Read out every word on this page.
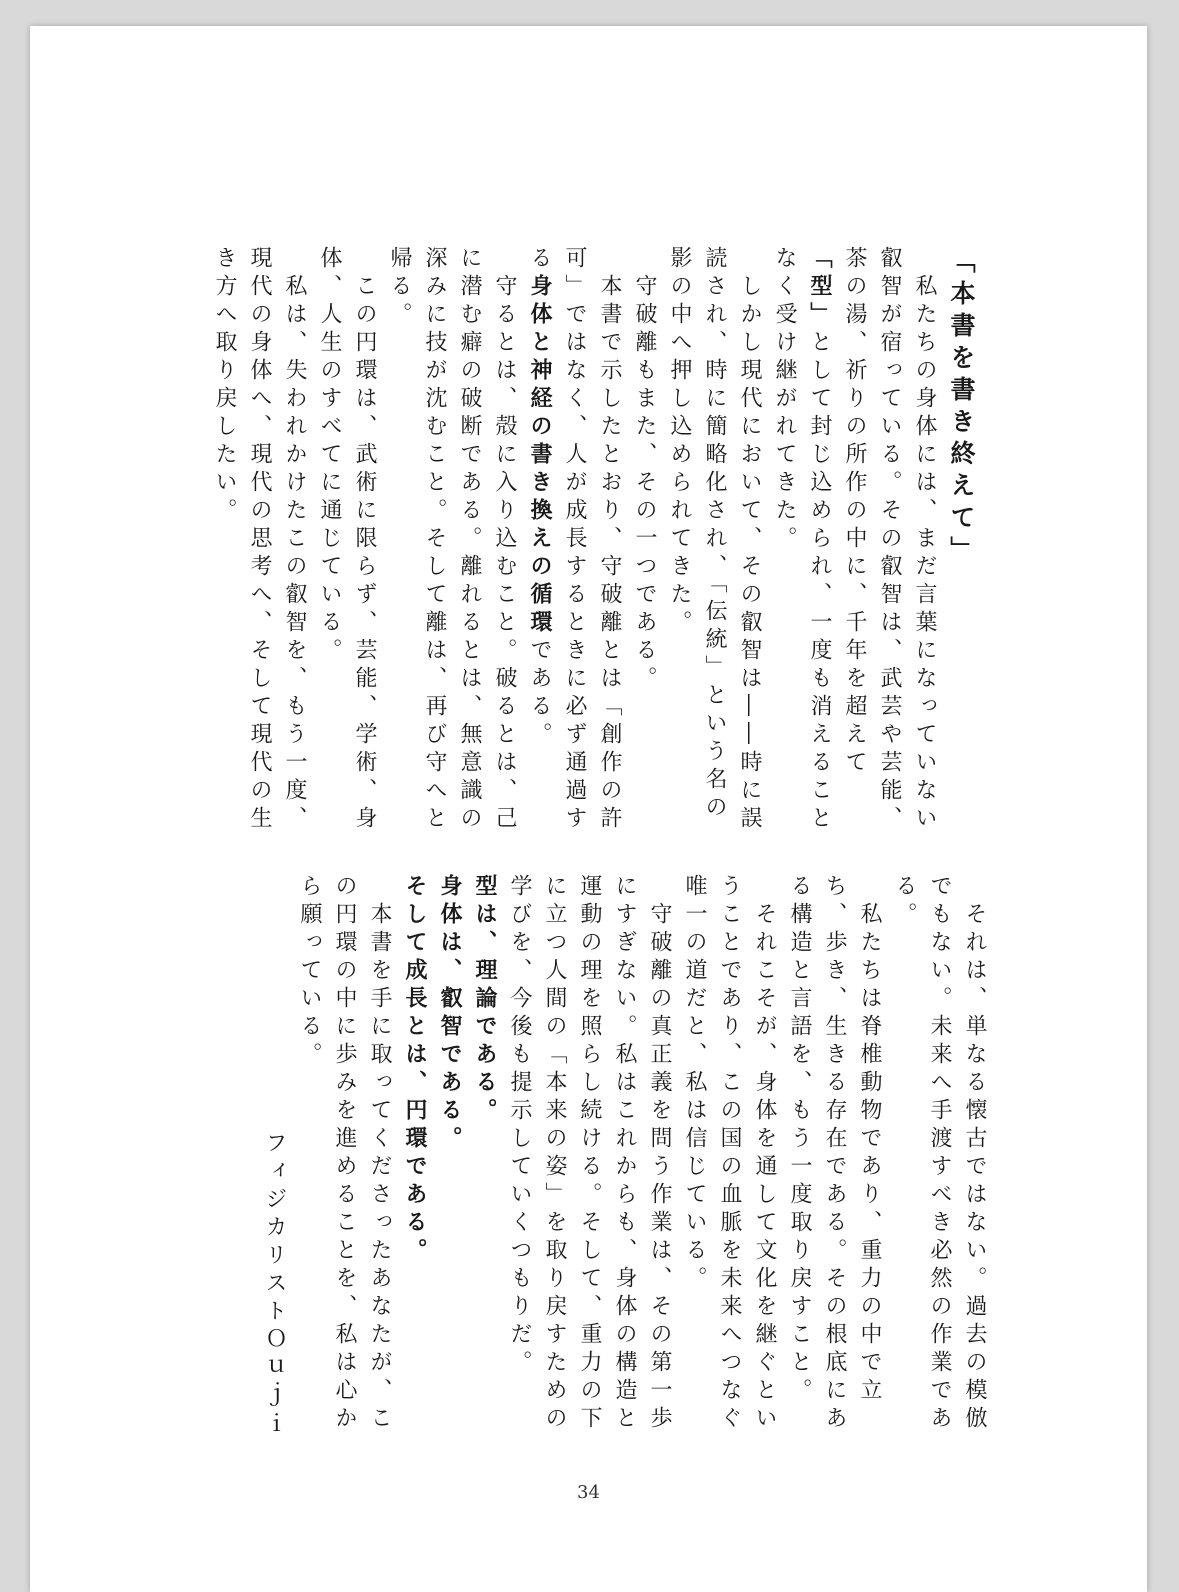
「本書を書き終えて」

　私たちの身体には、まだ言葉になっていない叡智が宿っている。その叡智は、武芸や芸能、茶の湯、祈りの所作の中に、千年を超えて「型」として封じ込められ、一度も消えることなく受け継がれてきた。

　しかし現代において、その叡智は――時に誤読され、時に簡略化され、「伝統」という名の影の中へ押し込められてきた。

　守破離もまた、その一つである。

　本書で示したとおり、守破離とは「創作の許可」ではなく、人が成長するときに必ず通過する身体と神経の書き換えの循環である。

　守るとは、殻に入り込むこと。破るとは、己に潜む癖の破断である。離れるとは、無意識の深みに技が沈むこと。そして離は、再び守へと帰る。

　この円環は、武術に限らず、芸能、学術、身体、人生のすべてに通じている。

　私は、失われかけたこの叡智を、もう一度、現代の身体へ、現代の思考へ、そして現代の生き方へ取り戻したい。

　それは、単なる懐古ではない。過去の模倣でもない。未来へ手渡すべき必然の作業である。

　私たちは脊椎動物であり、重力の中で立ち、歩き、生きる存在である。その根底にある構造と言語を、もう一度取り戻すこと。

　それこそが、身体を通して文化を継ぐということであり、この国の血脈を未来へつなぐ唯一の道だと、私は信じている。

　守破離の真正義を問う作業は、その第一歩にすぎない。私はこれからも、身体の構造と運動の理を照らし続ける。そして、重力の下に立つ人間の「本来の姿」を取り戻すための学びを、今後も提示していくつもりだ。

型は、理論である。

身体は、叡智である。

そして成長とは、円環である。

　本書を手に取ってくださったあなたが、この円環の中に歩みを進めることを、私は心から願っている。

フィジカリストＯｕｊｉ

34
